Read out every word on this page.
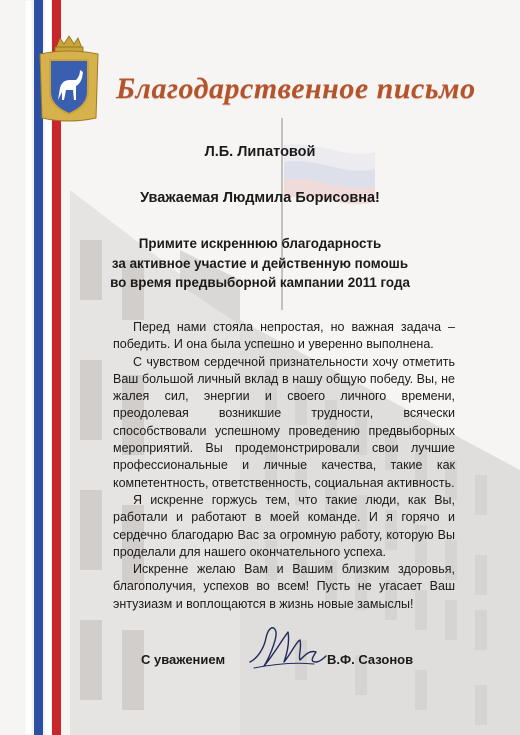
Благодарственное письмо
Л.Б. Липатовой
Уважаемая Людмила Борисовна!
Примите искреннюю благодарность
за активное участие и действенную помошь
во время предвыборной кампании 2011 года

Перед нами стояла непростая, но важная задача – победить. И она была успешно и уверенно выполнена.

С чувством сердечной признательности хочу отметить Ваш большой личный вклад в нашу общую победу. Вы, не жалея сил, энергии и своего личного времени, преодолевая возникшие трудности, всячески способствовали успешному проведению предвыборных мероприятий. Вы продемонстрировали свои лучшие профессиональные и личные качества, такие как компетентность, ответственность, социальная активность.

Я искренне горжусь тем, что такие люди, как Вы, работали и работают в моей команде. И я горячо и сердечно благодарю Вас за огромную работу, которую Вы проделали для нашего окончательного успеха.

Искренне желаю Вам и Вашим близким здоровья, благополучия, успехов во всем! Пусть не угасает Ваш энтузиазм и воплощаются в жизнь новые замыслы!

С уважением	В.Ф. Сазонов
